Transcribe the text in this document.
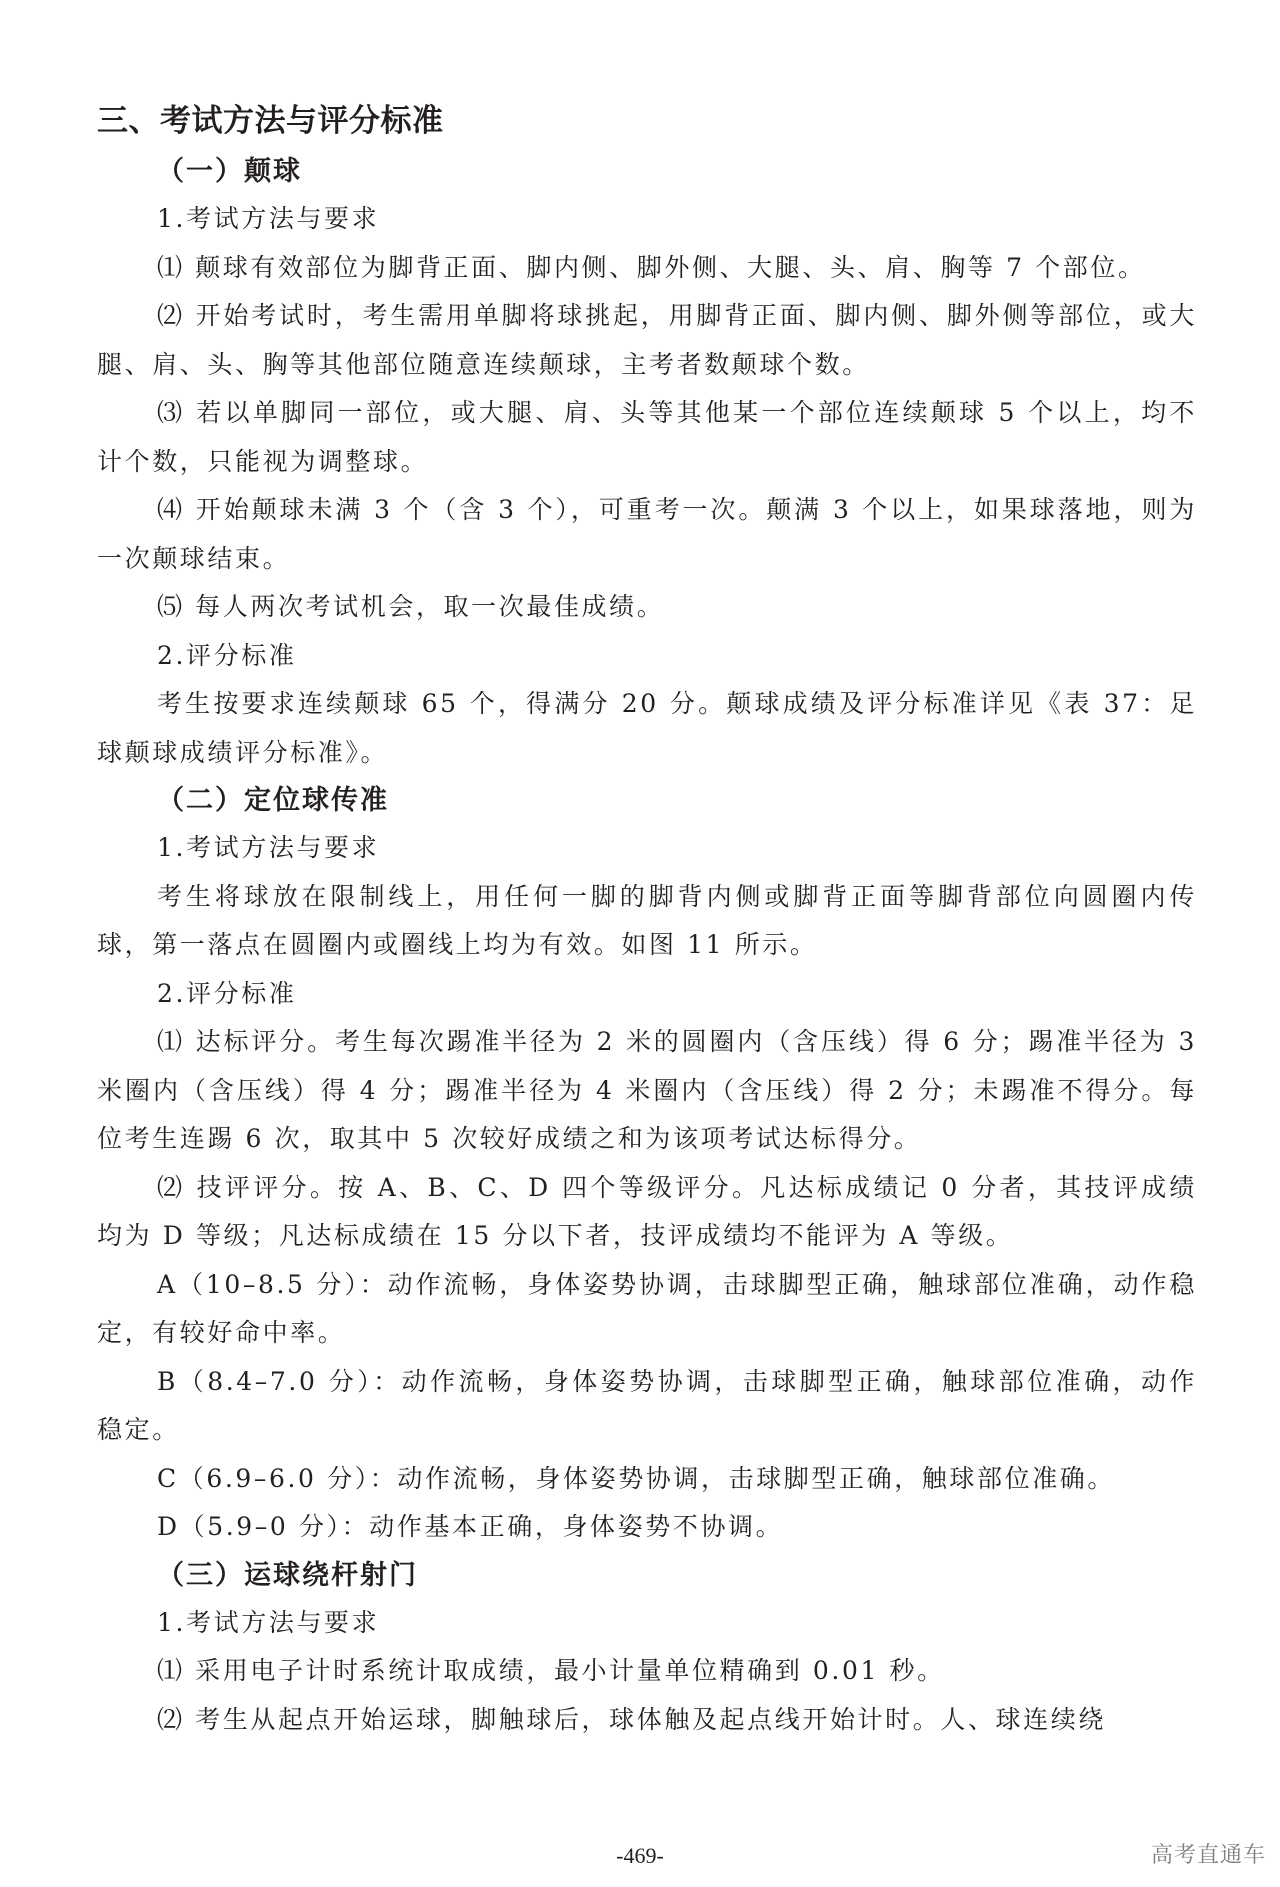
三、考试方法与评分标准
（一）颠球
1.考试方法与要求
⑴ 颠球有效部位为脚背正面、脚内侧、脚外侧、大腿、头、肩、胸等 7 个部位。
⑵ 开始考试时，考生需用单脚将球挑起，用脚背正面、脚内侧、脚外侧等部位，或大腿、肩、头、胸等其他部位随意连续颠球，主考者数颠球个数。
⑶ 若以单脚同一部位，或大腿、肩、头等其他某一个部位连续颠球 5 个以上，均不计个数，只能视为调整球。
⑷ 开始颠球未满 3 个（含 3 个），可重考一次。颠满 3 个以上，如果球落地，则为一次颠球结束。
⑸ 每人两次考试机会，取一次最佳成绩。
2.评分标准
考生按要求连续颠球 65 个，得满分 20 分。颠球成绩及评分标准详见《表 37：足球颠球成绩评分标准》。
（二）定位球传准
1.考试方法与要求
考生将球放在限制线上，用任何一脚的脚背内侧或脚背正面等脚背部位向圆圈内传球，第一落点在圆圈内或圈线上均为有效。如图 11 所示。
2.评分标准
⑴ 达标评分。考生每次踢准半径为 2 米的圆圈内（含压线）得 6 分；踢准半径为 3 米圈内（含压线）得 4 分；踢准半径为 4 米圈内（含压线）得 2 分；未踢准不得分。每位考生连踢 6 次，取其中 5 次较好成绩之和为该项考试达标得分。
⑵ 技评评分。按 A、B、C、D 四个等级评分。凡达标成绩记 0 分者，其技评成绩均为 D 等级；凡达标成绩在 15 分以下者，技评成绩均不能评为 A 等级。
A（10–8.5 分）：动作流畅，身体姿势协调，击球脚型正确，触球部位准确，动作稳定，有较好命中率。
B（8.4–7.0 分）：动作流畅，身体姿势协调，击球脚型正确，触球部位准确，动作稳定。
C（6.9–6.0 分）：动作流畅，身体姿势协调，击球脚型正确，触球部位准确。
D（5.9–0 分）：动作基本正确，身体姿势不协调。
（三）运球绕杆射门
1.考试方法与要求
⑴ 采用电子计时系统计取成绩，最小计量单位精确到 0.01 秒。
⑵ 考生从起点开始运球，脚触球后，球体触及起点线开始计时。人、球连续绕
-469-	高考直通车
